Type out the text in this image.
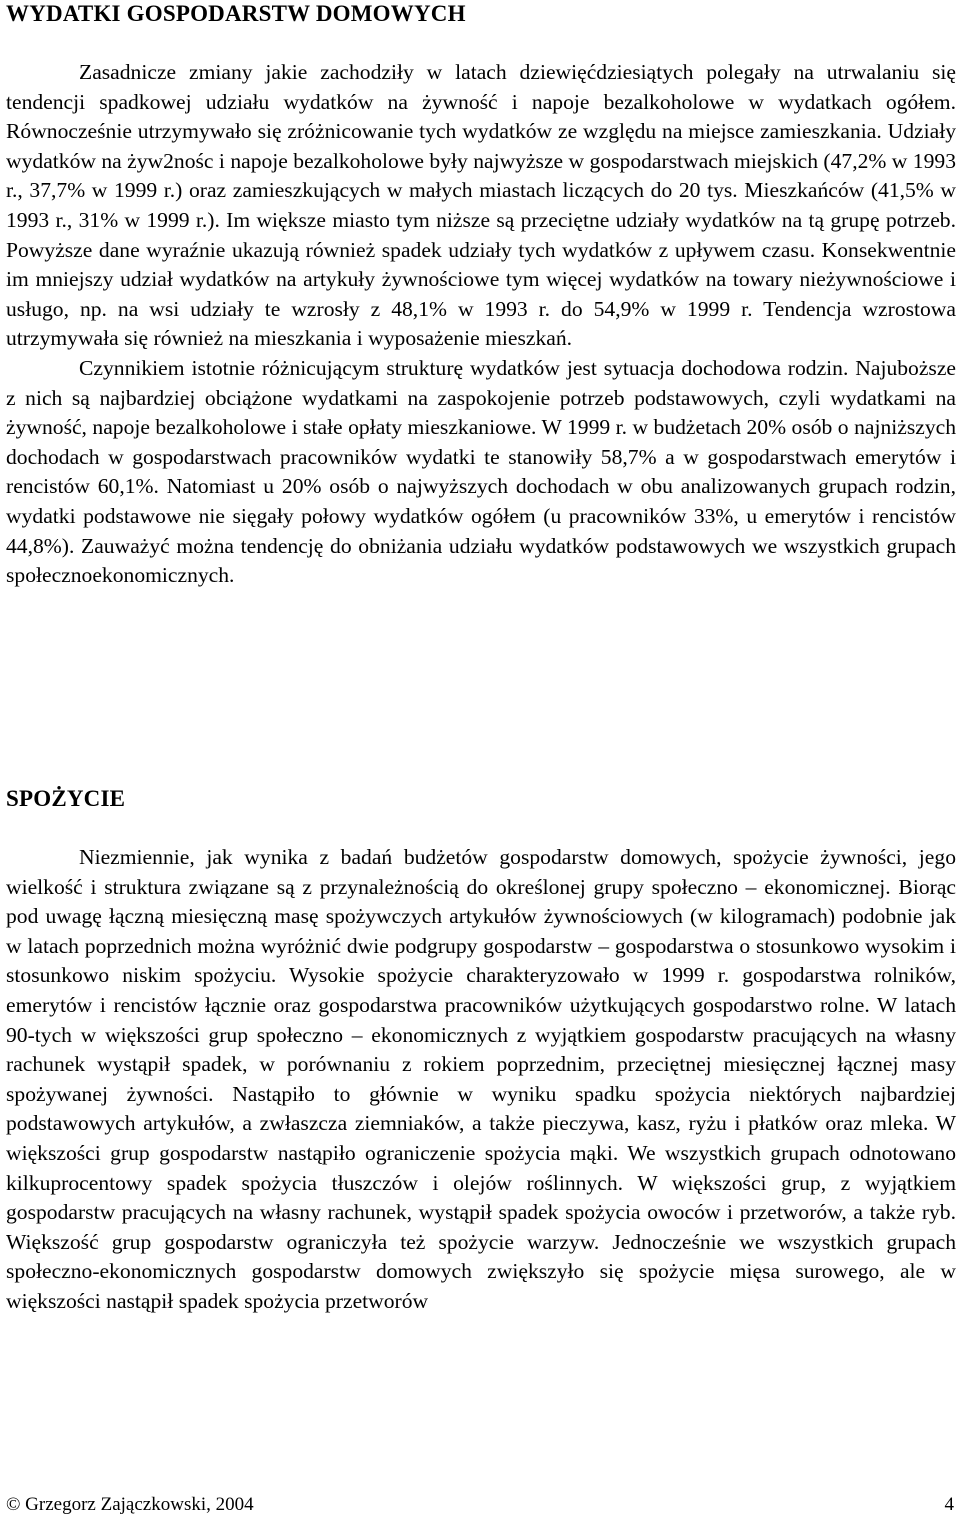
WYDATKI GOSPODARSTW DOMOWYCH

Zasadnicze zmiany jakie zachodziły w latach dziewięćdziesiątych polegały na utrwalaniu się tendencji spadkowej udziału wydatków na żywność i napoje bezalkoholowe w wydatkach ogółem. Równocześnie utrzymywało się zróżnicowanie tych wydatków ze względu na miejsce zamieszkania. Udziały wydatków na żyw2nośc i napoje bezalkoholowe były najwyższe w gospodarstwach miejskich (47,2% w 1993 r., 37,7% w 1999 r.) oraz zamieszkujących w małych miastach liczących do 20 tys. Mieszkańców (41,5% w 1993 r., 31% w 1999 r.). Im większe miasto tym niższe są przeciętne udziały wydatków na tą grupę potrzeb. Powyższe dane wyraźnie ukazują również spadek udziały tych wydatków z upływem czasu. Konsekwentnie im mniejszy udział wydatków na artykuły żywnościowe tym więcej wydatków na towary nieżywnościowe i usługo, np. na wsi udziały te wzrosły z 48,1% w 1993 r. do 54,9% w 1999 r. Tendencja wzrostowa utrzymywała się również na mieszkania i wyposażenie mieszkań.

Czynnikiem istotnie różnicującym strukturę wydatków jest sytuacja dochodowa rodzin. Najuboższe z nich są najbardziej obciążone wydatkami na zaspokojenie potrzeb podstawowych, czyli wydatkami na żywność, napoje bezalkoholowe i stałe opłaty mieszkaniowe. W 1999 r. w budżetach 20% osób o najniższych dochodach w gospodarstwach pracowników wydatki te stanowiły 58,7% a w gospodarstwach emerytów i rencistów 60,1%. Natomiast u 20% osób o najwyższych dochodach w obu analizowanych grupach rodzin, wydatki podstawowe nie sięgały połowy wydatków ogółem (u pracowników 33%, u emerytów i rencistów 44,8%). Zauważyć można tendencję do obniżania udziału wydatków podstawowych we wszystkich grupach społecznoekonomicznych.

SPOŻYCIE

Niezmiennie, jak wynika z badań budżetów gospodarstw domowych, spożycie żywności, jego wielkość i struktura związane są z przynależnością do określonej grupy społeczno – ekonomicznej. Biorąc pod uwagę łączną miesięczną masę spożywczych artykułów żywnościowych (w kilogramach) podobnie jak w latach poprzednich można wyróżnić dwie podgrupy gospodarstw – gospodarstwa o stosunkowo wysokim i stosunkowo niskim spożyciu. Wysokie spożycie charakteryzowało w 1999 r. gospodarstwa rolników, emerytów i rencistów łącznie oraz gospodarstwa pracowników użytkujących gospodarstwo rolne. W latach 90-tych w większości grup społeczno – ekonomicznych z wyjątkiem gospodarstw pracujących na własny rachunek wystąpił spadek, w porównaniu z rokiem poprzednim, przeciętnej miesięcznej łącznej masy spożywanej żywności. Nastąpiło to głównie w wyniku spadku spożycia niektórych najbardziej podstawowych artykułów, a zwłaszcza ziemniaków, a także pieczywa, kasz, ryżu i płatków oraz mleka. W większości grup gospodarstw nastąpiło ograniczenie spożycia mąki. We wszystkich grupach odnotowano kilkuprocentowy spadek spożycia tłuszczów i olejów roślinnych. W większości grup, z wyjątkiem gospodarstw pracujących na własny rachunek, wystąpił spadek spożycia owoców i przetworów, a także ryb. Większość grup gospodarstw ograniczyła też spożycie warzyw. Jednocześnie we wszystkich grupach społeczno-ekonomicznych gospodarstw domowych zwiększyło się spożycie mięsa surowego, ale w większości nastąpił spadek spożycia przetworów

© Grzegorz Zajączkowski, 2004	4
